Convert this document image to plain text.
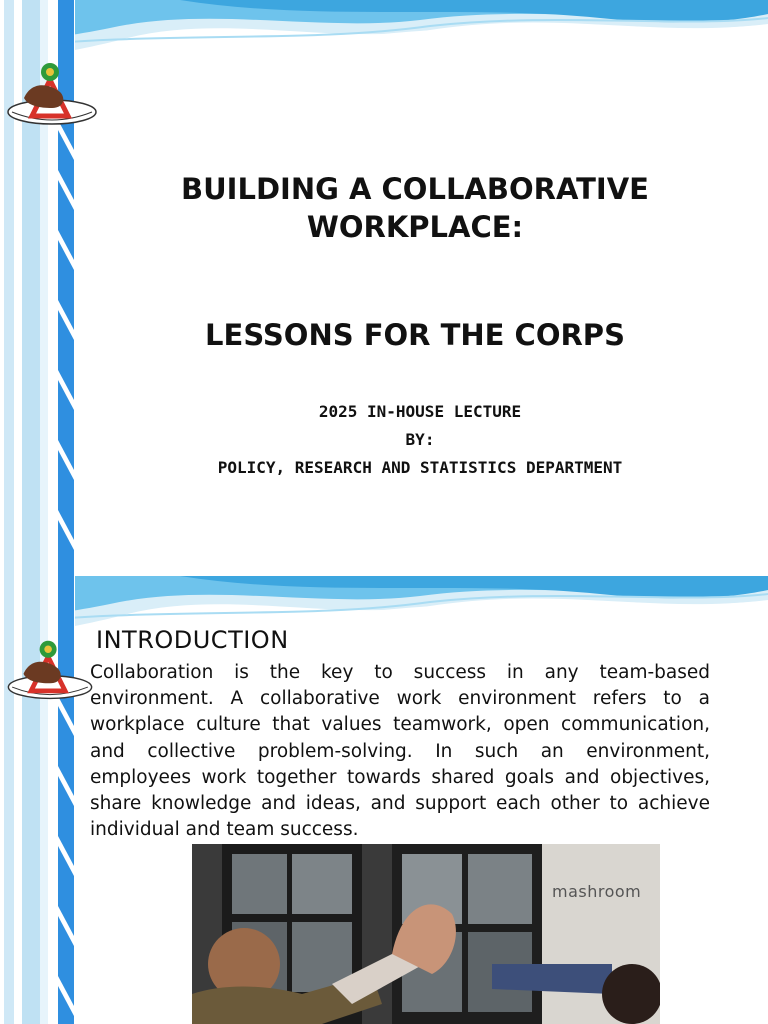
BUILDING A COLLABORATIVE
WORKPLACE:
LESSONS FOR THE CORPS
2025 IN-HOUSE LECTURE
BY:
POLICY, RESEARCH AND STATISTICS DEPARTMENT
INTRODUCTION
Collaboration is the key to success in any team-based environment. A collaborative work environment refers to a workplace culture that values teamwork, open communication, and collective problem-solving. In such an environment, employees work together towards shared goals and objectives, share knowledge and ideas, and support each other to achieve individual and team success.
mashroom
